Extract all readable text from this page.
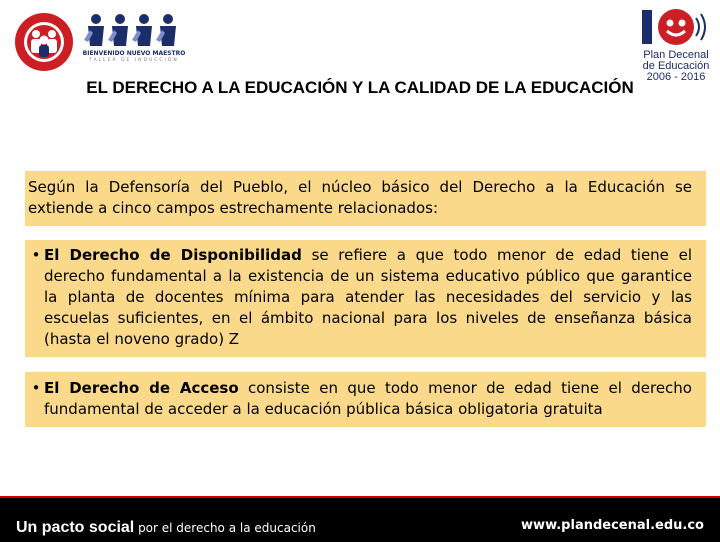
BIENVENIDO NUEVO MAESTRO
TALLER DE INDUCCIÓN	Plan Decenal
de Educación
2006 - 2016
EL DERECHO A LA EDUCACIÓN Y LA CALIDAD DE LA EDUCACIÓN
Según la Defensoría del Pueblo, el núcleo básico del Derecho a la Educación se extiende a cinco campos estrechamente relacionados:
• El Derecho de Disponibilidad se refiere a que todo menor de edad tiene el derecho fundamental a la existencia de un sistema educativo público que garantice la planta de docentes mínima para atender las necesidades del servicio y las escuelas suficientes, en el ámbito nacional para los niveles de enseñanza básica (hasta el noveno grado) Z
• El Derecho de Acceso consiste en que todo menor de edad tiene el derecho fundamental de acceder a la educación pública básica obligatoria gratuita
Un pacto social por el derecho a la educación	www.plandecenal.edu.co
